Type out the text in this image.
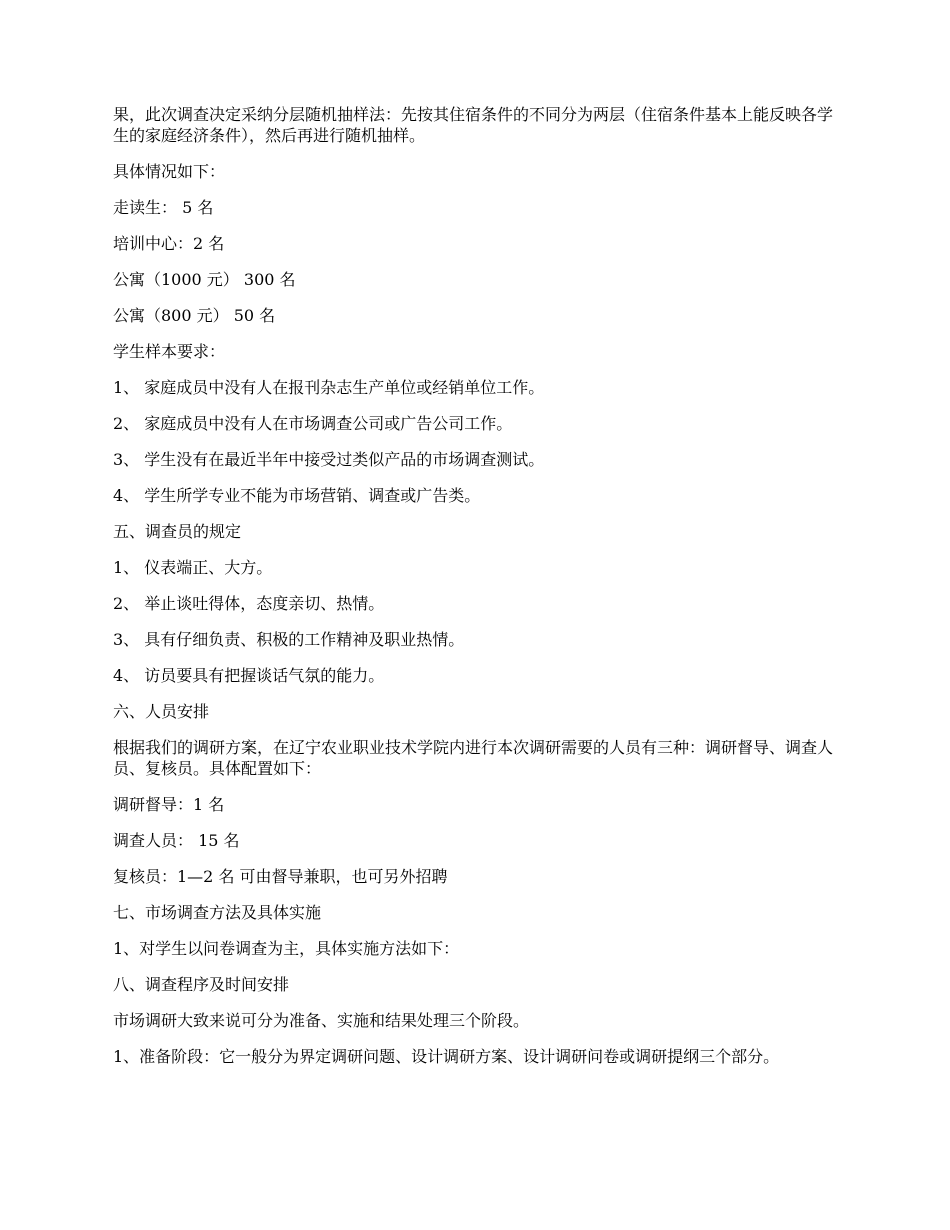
果，此次调查决定采纳分层随机抽样法：先按其住宿条件的不同分为两层（住宿条件基本上能反映各学生的家庭经济条件），然后再进行随机抽样。

具体情况如下：

走读生： 5 名

培训中心：2 名

公寓（1000 元） 300 名

公寓（800 元） 50 名

学生样本要求：

1、 家庭成员中没有人在报刊杂志生产单位或经销单位工作。

2、 家庭成员中没有人在市场调查公司或广告公司工作。

3、 学生没有在最近半年中接受过类似产品的市场调查测试。

4、 学生所学专业不能为市场营销、调查或广告类。

五、调查员的规定

1、 仪表端正、大方。

2、 举止谈吐得体，态度亲切、热情。

3、 具有仔细负责、积极的工作精神及职业热情。

4、 访员要具有把握谈话气氛的能力。

六、人员安排

根据我们的调研方案，在辽宁农业职业技术学院内进行本次调研需要的人员有三种：调研督导、调查人员、复核员。具体配置如下：

调研督导：1 名

调查人员： 15 名

复核员：1—2 名 可由督导兼职，也可另外招聘

七、市场调查方法及具体实施

1、对学生以问卷调查为主，具体实施方法如下：

八、调查程序及时间安排

市场调研大致来说可分为准备、实施和结果处理三个阶段。

1、准备阶段：它一般分为界定调研问题、设计调研方案、设计调研问卷或调研提纲三个部分。
